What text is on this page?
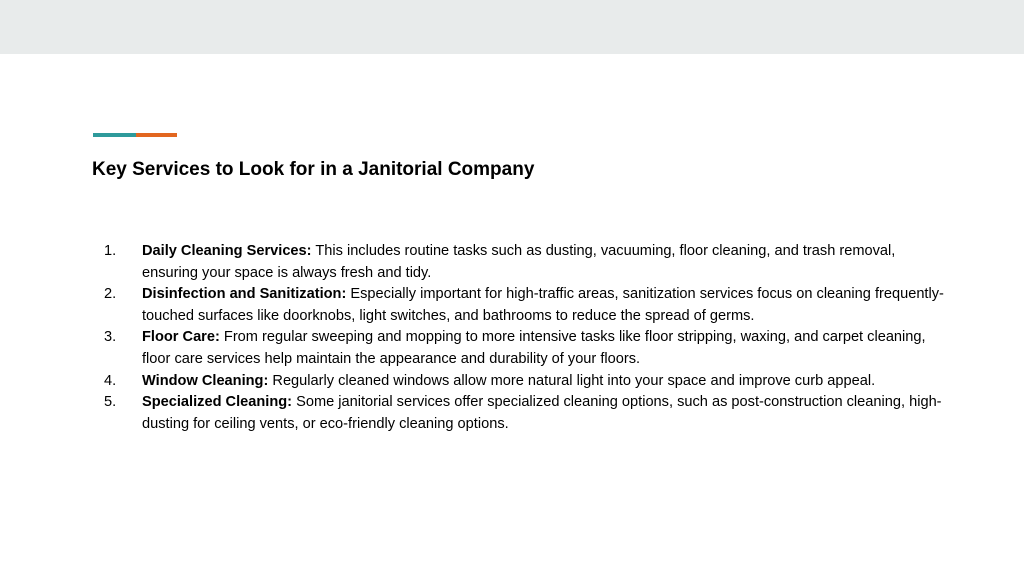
Key Services to Look for in a Janitorial Company
1.	Daily Cleaning Services: This includes routine tasks such as dusting, vacuuming, floor cleaning, and trash removal, ensuring your space is always fresh and tidy.
2.	Disinfection and Sanitization: Especially important for high-traffic areas, sanitization services focus on cleaning frequently-touched surfaces like doorknobs, light switches, and bathrooms to reduce the spread of germs.
3.	Floor Care: From regular sweeping and mopping to more intensive tasks like floor stripping, waxing, and carpet cleaning, floor care services help maintain the appearance and durability of your floors.
4.	Window Cleaning: Regularly cleaned windows allow more natural light into your space and improve curb appeal.
5.	Specialized Cleaning: Some janitorial services offer specialized cleaning options, such as post-construction cleaning, high-dusting for ceiling vents, or eco-friendly cleaning options.
